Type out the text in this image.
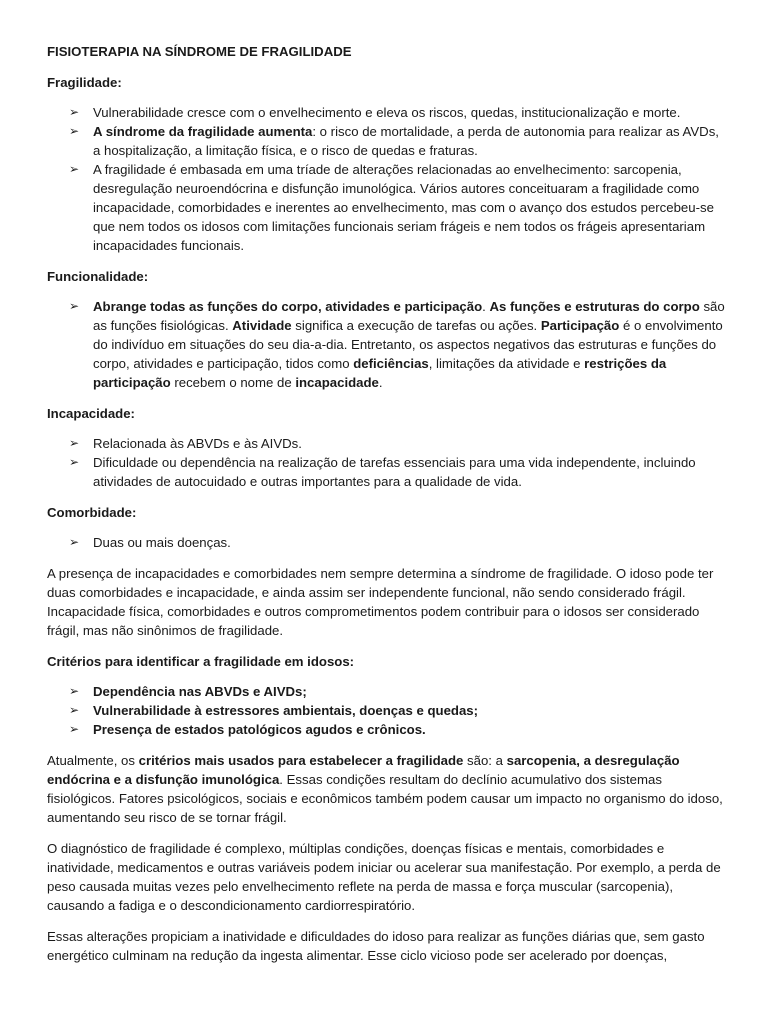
FISIOTERAPIA NA SÍNDROME DE FRAGILIDADE
Fragilidade:
➢ Vulnerabilidade cresce com o envelhecimento e eleva os riscos, quedas, institucionalização e morte.
➢ A síndrome da fragilidade aumenta: o risco de mortalidade, a perda de autonomia para realizar as AVDs, a hospitalização, a limitação física, e o risco de quedas e fraturas.
➢ A fragilidade é embasada em uma tríade de alterações relacionadas ao envelhecimento: sarcopenia, desregulação neuroendócrina e disfunção imunológica. Vários autores conceituaram a fragilidade como incapacidade, comorbidades e inerentes ao envelhecimento, mas com o avanço dos estudos percebeu-se que nem todos os idosos com limitações funcionais seriam frágeis e nem todos os frágeis apresentariam incapacidades funcionais.
Funcionalidade:
➢ Abrange todas as funções do corpo, atividades e participação. As funções e estruturas do corpo são as funções fisiológicas. Atividade significa a execução de tarefas ou ações. Participação é o envolvimento do indivíduo em situações do seu dia-a-dia. Entretanto, os aspectos negativos das estruturas e funções do corpo, atividades e participação, tidos como deficiências, limitações da atividade e restrições da participação recebem o nome de incapacidade.
Incapacidade:
➢ Relacionada às ABVDs e às AIVDs.
➢ Dificuldade ou dependência na realização de tarefas essenciais para uma vida independente, incluindo atividades de autocuidado e outras importantes para a qualidade de vida.
Comorbidade:
➢ Duas ou mais doenças.

A presença de incapacidades e comorbidades nem sempre determina a síndrome de fragilidade. O idoso pode ter duas comorbidades e incapacidade, e ainda assim ser independente funcional, não sendo considerado frágil. Incapacidade física, comorbidades e outros comprometimentos podem contribuir para o idosos ser considerado frágil, mas não sinônimos de fragilidade.

Critérios para identificar a fragilidade em idosos:
➢ Dependência nas ABVDs e AIVDs;
➢ Vulnerabilidade à estressores ambientais, doenças e quedas;
➢ Presença de estados patológicos agudos e crônicos.

Atualmente, os critérios mais usados para estabelecer a fragilidade são: a sarcopenia, a desregulação endócrina e a disfunção imunológica. Essas condições resultam do declínio acumulativo dos sistemas fisiológicos. Fatores psicológicos, sociais e econômicos também podem causar um impacto no organismo do idoso, aumentando seu risco de se tornar frágil.

O diagnóstico de fragilidade é complexo, múltiplas condições, doenças físicas e mentais, comorbidades e inatividade, medicamentos e outras variáveis podem iniciar ou acelerar sua manifestação. Por exemplo, a perda de peso causada muitas vezes pelo envelhecimento reflete na perda de massa e força muscular (sarcopenia), causando a fadiga e o descondicionamento cardiorrespiratório.

Essas alterações propiciam a inatividade e dificuldades do idoso para realizar as funções diárias que, sem gasto energético culminam na redução da ingesta alimentar. Esse ciclo vicioso pode ser acelerado por doenças,
